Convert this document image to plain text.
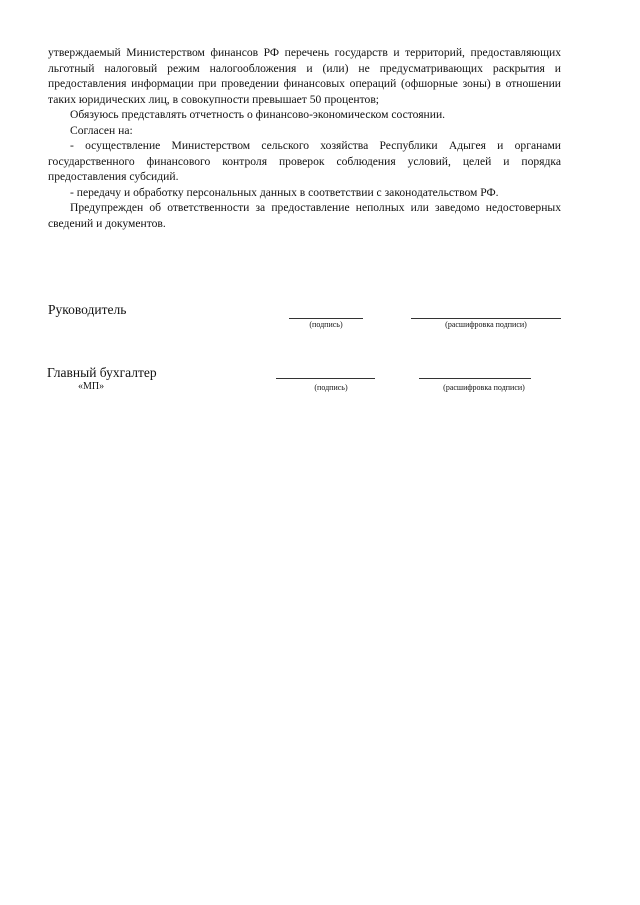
утверждаемый Министерством финансов РФ перечень государств и территорий, предоставляющих льготный налоговый режим налогообложения и (или) не предусматривающих раскрытия и предоставления информации при проведении финансовых операций (офшорные зоны) в отношении таких юридических лиц, в совокупности превышает 50 процентов;

Обязуюсь представлять отчетность о финансово-экономическом состоянии.

Согласен на:

- осуществление Министерством сельского хозяйства Республики Адыгея и органами государственного финансового контроля проверок соблюдения условий, целей и порядка предоставления субсидий.

- передачу и обработку персональных данных в соответствии с законодательством РФ.

Предупрежден об ответственности за предоставление неполных или заведомо недостоверных сведений и документов.

Руководитель
(подпись)	(расшифровка подписи)
Главный бухгалтер
«МП»	(подпись)	(расшифровка подписи)
